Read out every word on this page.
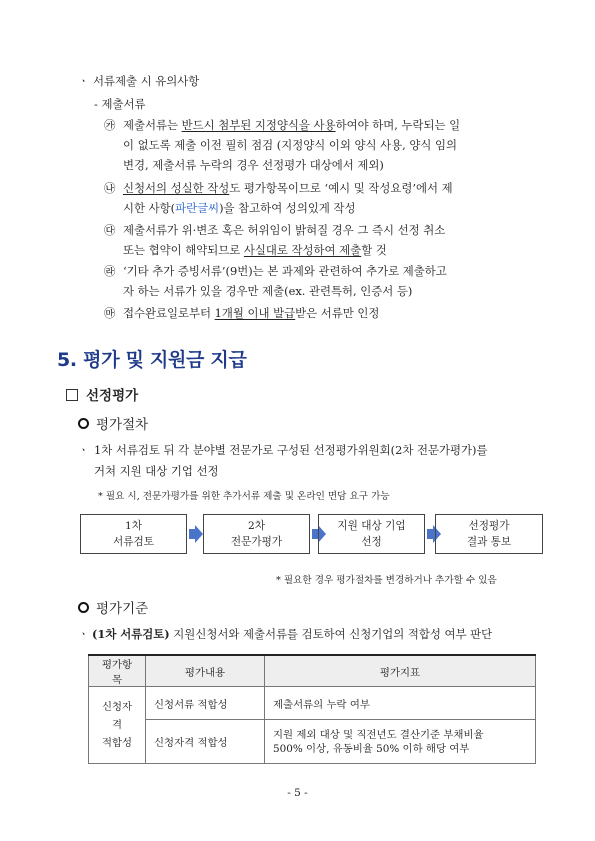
ㆍ 서류제출 시 유의사항
- 제출서류
㉮ 제출서류는 반드시 첨부된 지정양식을 사용하여야 하며, 누락되는 일
이 없도록 제출 이전 필히 점검 (지정양식 이외 양식 사용, 양식 임의
변경, 제출서류 누락의 경우 선정평가 대상에서 제외)
㉯ 신청서의 성실한 작성도 평가항목이므로 ‘예시 및 작성요령’에서 제
시한 사항(파란글씨)을 참고하여 성의있게 작성
㉰ 제출서류가 위·변조 혹은 허위임이 밝혀질 경우 그 즉시 선정 취소
또는 협약이 해약되므로 사실대로 작성하여 제출할 것
㉱ ‘기타 추가 증빙서류’(9번)는 본 과제와 관련하여 추가로 제출하고
자 하는 서류가 있을 경우만 제출(ex. 관련특허, 인증서 등)
㉲ 접수완료일로부터 1개월 이내 발급받은 서류만 인정
5. 평가 및 지원금 지급
선정평가
평가절차
ㆍ 1차 서류검토 뒤 각 분야별 전문가로 구성된 선정평가위원회(2차 전문가평가)를
거쳐 지원 대상 기업 선정
* 필요 시, 전문가평가를 위한 추가서류 제출 및 온라인 면담 요구 가능
1차
서류검토
2차
전문가평가
지원 대상 기업
선정
선정평가
결과 통보
* 필요한 경우 평가절차를 변경하거나 추가할 수 있음
평가기준
ㆍ (1차 서류검토) 지원신청서와 제출서류를 검토하여 신청기업의 적합성 여부 판단
평가항목	평가내용	평가지표
신청자격
적합성	신청서류 적합성	제출서류의 누락 여부
	신청자격 적합성	지원 제외 대상 및 직전년도 결산기준 부채비율
500% 이상, 유동비율 50% 이하 해당 여부
- 5 -
